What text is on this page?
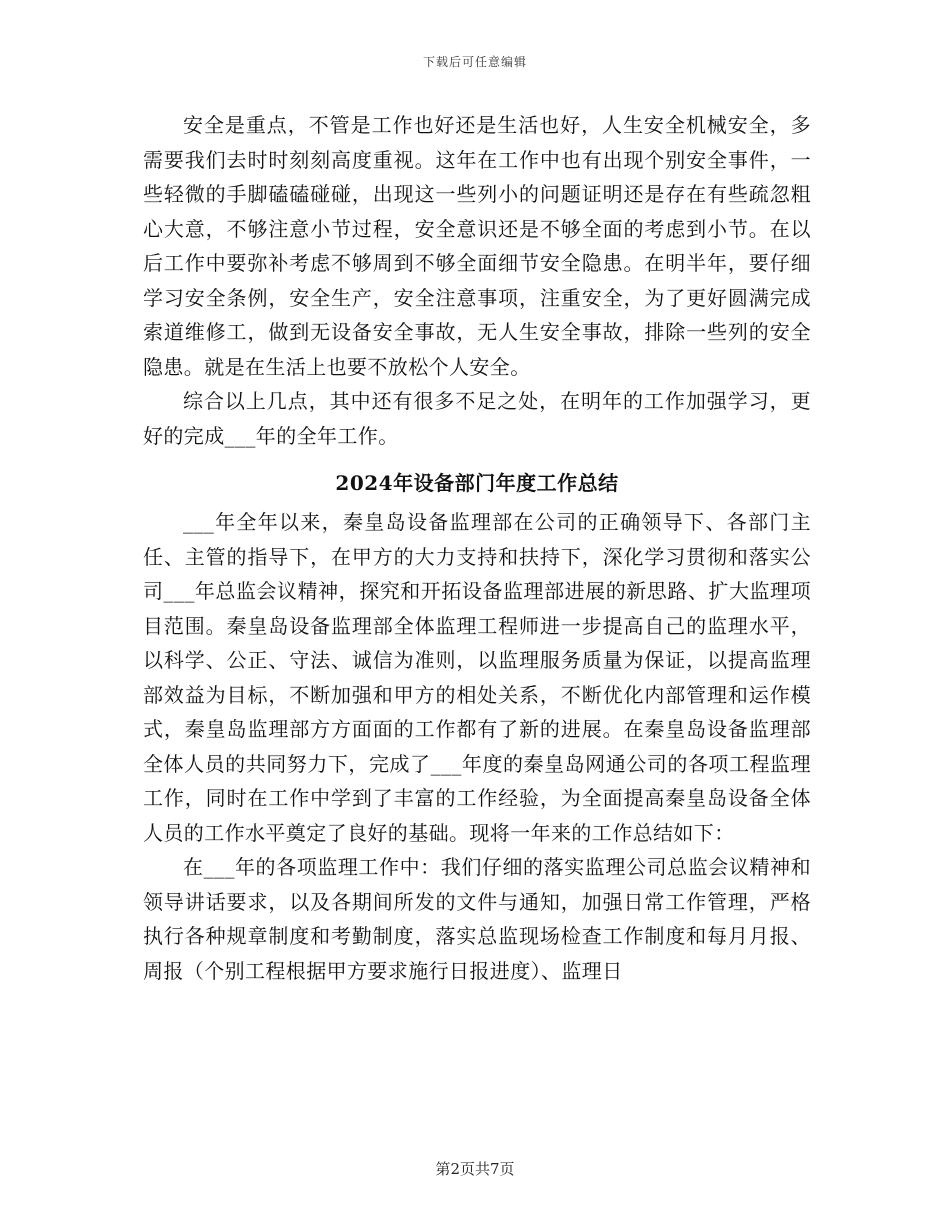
下载后可任意编辑

安全是重点，不管是工作也好还是生活也好，人生安全机械安全，多需要我们去时时刻刻高度重视。这年在工作中也有出现个别安全事件，一些轻微的手脚磕磕碰碰，出现这一些列小的问题证明还是存在有些疏忽粗心大意，不够注意小节过程，安全意识还是不够全面的考虑到小节。在以后工作中要弥补考虑不够周到不够全面细节安全隐患。在明半年，要仔细学习安全条例，安全生产，安全注意事项，注重安全，为了更好圆满完成索道维修工，做到无设备安全事故，无人生安全事故，排除一些列的安全隐患。就是在生活上也要不放松个人安全。

综合以上几点，其中还有很多不足之处，在明年的工作加强学习，更好的完成___年的全年工作。

2024年设备部门年度工作总结

___年全年以来，秦皇岛设备监理部在公司的正确领导下、各部门主任、主管的指导下，在甲方的大力支持和扶持下，深化学习贯彻和落实公司___年总监会议精神，探究和开拓设备监理部进展的新思路、扩大监理项目范围。秦皇岛设备监理部全体监理工程师进一步提高自己的监理水平，以科学、公正、守法、诚信为准则，以监理服务质量为保证，以提高监理部效益为目标，不断加强和甲方的相处关系，不断优化内部管理和运作模式，秦皇岛监理部方方面面的工作都有了新的进展。在秦皇岛设备监理部全体人员的共同努力下，完成了___年度的秦皇岛网通公司的各项工程监理工作，同时在工作中学到了丰富的工作经验，为全面提高秦皇岛设备全体人员的工作水平奠定了良好的基础。现将一年来的工作总结如下：

在___年的各项监理工作中：我们仔细的落实监理公司总监会议精神和领导讲话要求，以及各期间所发的文件与通知，加强日常工作管理，严格执行各种规章制度和考勤制度，落实总监现场检查工作制度和每月月报、周报（个别工程根据甲方要求施行日报进度）、监理日

第2页共7页
